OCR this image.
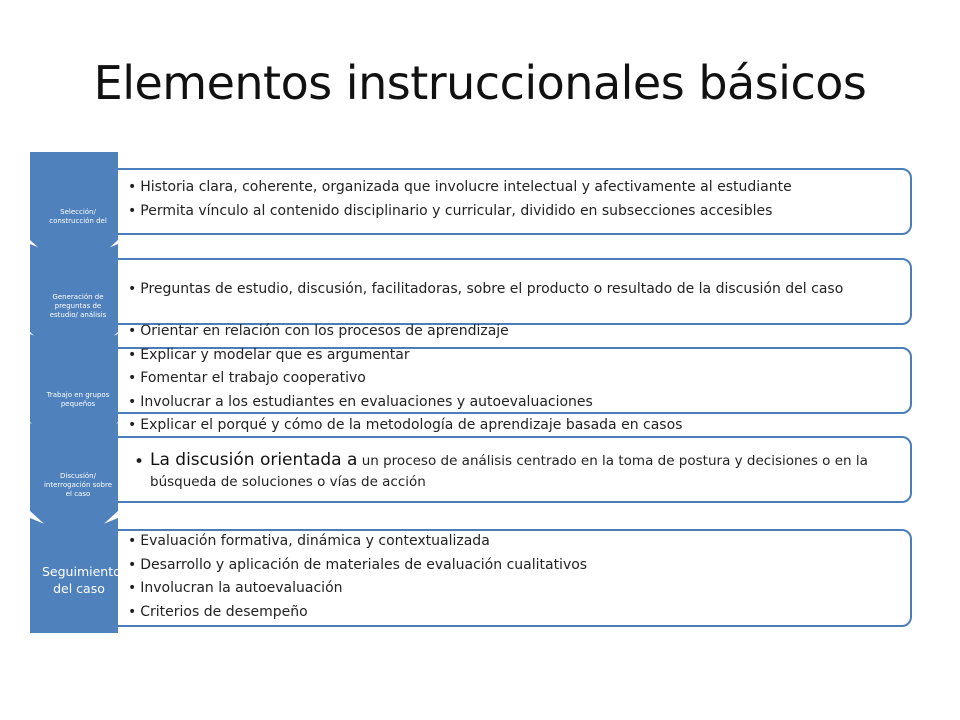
Elementos instruccionales básicos
Selección/ construcción del
• Historia clara, coherente, organizada que involucre intelectual y afectivamente al estudiante
• Permita vínculo al contenido disciplinario y curricular, dividido en subsecciones accesibles
Generación de preguntas de estudio/ análisis
• Preguntas de estudio, discusión, facilitadoras, sobre el producto o resultado de la discusión del caso
Trabajo en grupos pequeños
• Orientar en relación con los procesos de aprendizaje
• Explicar y modelar que es argumentar
• Fomentar el trabajo cooperativo
• Involucrar a los estudiantes en evaluaciones y autoevaluaciones
• Explicar el porqué y cómo de la metodología de aprendizaje basada en casos
Discusión/ interrogación sobre el caso
• La discusión orientada a un proceso de análisis centrado en la toma de postura y decisiones o en la búsqueda de soluciones o vías de acción
Seguimiento del caso
• Evaluación formativa, dinámica y contextualizada
• Desarrollo y aplicación de materiales de evaluación cualitativos
• Involucran la autoevaluación
• Criterios de desempeño
